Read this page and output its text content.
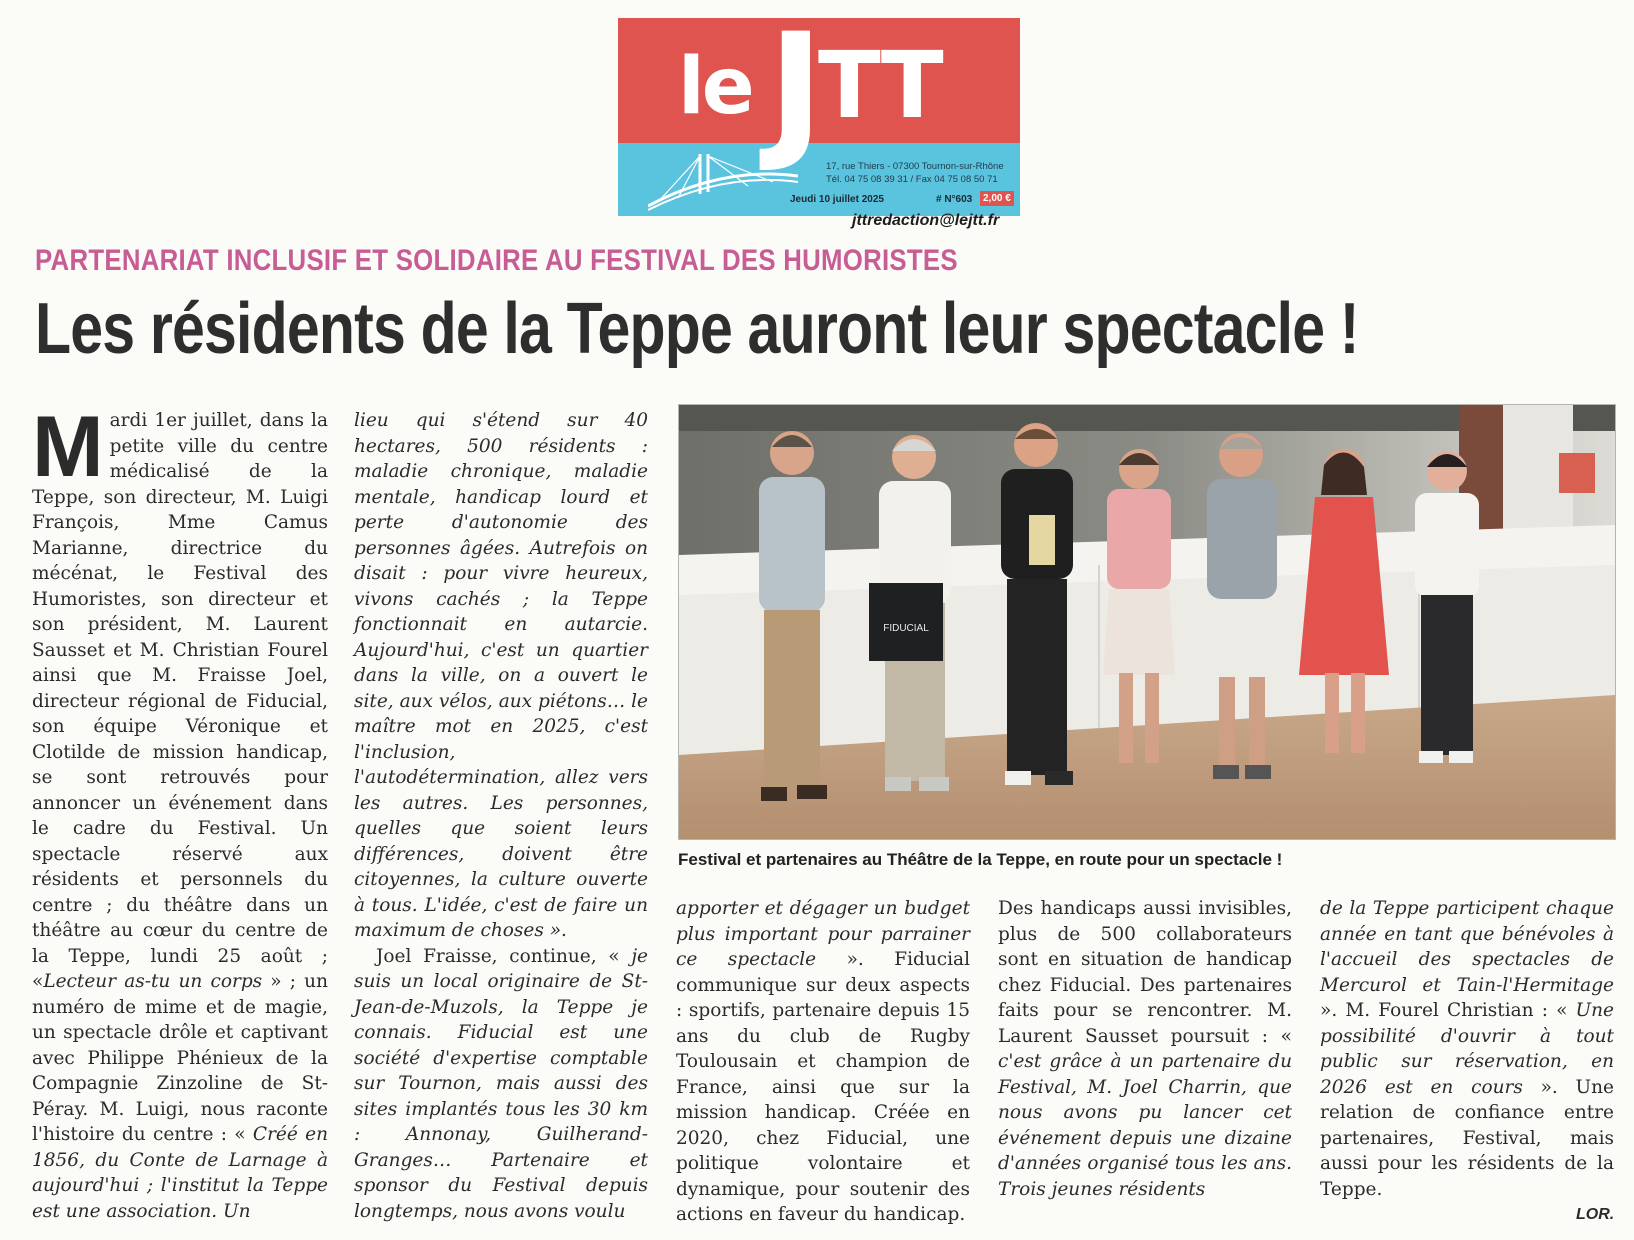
le J
TT
17, rue Thiers - 07300 Tournon-sur-Rhône
Tél. 04 75 08 39 31 / Fax 04 75 08 50 71
Jeudi 10 juillet 2025	# N°603	2,00 €
jttredaction@lejtt.fr
PARTENARIAT INCLUSIF ET SOLIDAIRE AU FESTIVAL DES HUMORISTES
Les résidents de la Teppe auront leur spectacle !

Mardi 1er juillet, dans la petite ville du centre médicalisé de la Teppe, son directeur, M. Luigi François, Mme Camus Marianne, directrice du mécénat, le Festival des Humoristes, son directeur et son président, M. Laurent Sausset et M. Christian Fourel ainsi que M. Fraisse Joel, directeur régional de Fiducial, son équipe Véronique et Clotilde de mission handicap, se sont retrouvés pour annoncer un événement dans le cadre du Festival. Un spectacle réservé aux résidents et personnels du centre ; du théâtre dans un théâtre au cœur du centre de la Teppe, lundi 25 août ; «Lecteur as-tu un corps » ; un numéro de mime et de magie, un spectacle drôle et captivant avec Philippe Phénieux de la Compagnie Zinzoline de St-Péray. M. Luigi, nous raconte l'histoire du centre : « Créé en 1856, du Conte de Larnage à aujourd'hui ; l'institut la Teppe est une association. Un

lieu qui s'étend sur 40 hectares, 500 résidents : maladie chronique, maladie mentale, handicap lourd et perte d'autonomie des personnes âgées. Autrefois on disait : pour vivre heureux, vivons cachés ; la Teppe fonctionnait en autarcie. Aujourd'hui, c'est un quartier dans la ville, on a ouvert le site, aux vélos, aux piétons… le maître mot en 2025, c'est l'inclusion, l'autodétermination, allez vers les autres. Les personnes, quelles que soient leurs différences, doivent être citoyennes, la culture ouverte à tous. L'idée, c'est de faire un maximum de choses ».

Joel Fraisse, continue, « je suis un local originaire de St-Jean-de-Muzols, la Teppe je connais. Fiducial est une société d'expertise comptable sur Tournon, mais aussi des sites implantés tous les 30 km : Annonay, Guilherand-Granges… Partenaire et sponsor du Festival depuis longtemps, nous avons voulu

FIDUCIAL
Festival et partenaires au Théâtre de la Teppe, en route pour un spectacle !

apporter et dégager un budget plus important pour parrainer ce spectacle ». Fiducial communique sur deux aspects : sportifs, partenaire depuis 15 ans du club de Rugby Toulousain et champion de France, ainsi que sur la mission handicap. Créée en 2020, chez Fiducial, une politique volontaire et dynamique, pour soutenir des actions en faveur du handicap.

Des handicaps aussi invisibles, plus de 500 collaborateurs sont en situation de handicap chez Fiducial. Des partenaires faits pour se rencontrer. M. Laurent Sausset poursuit : « c'est grâce à un partenaire du Festival, M. Joel Charrin, que nous avons pu lancer cet événement depuis une dizaine d'années organisé tous les ans. Trois jeunes résidents

de la Teppe participent chaque année en tant que bénévoles à l'accueil des spectacles de Mercurol et Tain-l'Hermitage ». M. Fourel Christian : « Une possibilité d'ouvrir à tout public sur réservation, en 2026 est en cours ». Une relation de confiance entre partenaires, Festival, mais aussi pour les résidents de la Teppe.

LOR.
